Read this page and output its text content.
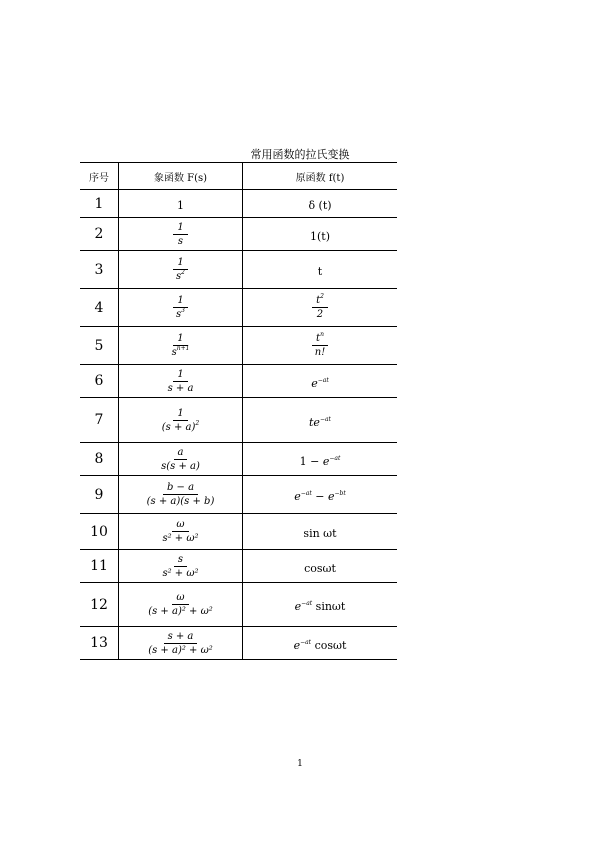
常用函数的拉氏变换
序号	象函数 F(s)	原函数 f(t)
1	1	δ (t)
2	$\frac{1}{s}$	1(t)
3	$\frac{1}{s^2}$	t
4	$\frac{1}{s^3}$	$\frac{t^2}{2}$

5	$\frac{1}{s^{n+1}}$	$\frac{t^n}{n!}$

6	$\frac{1}{s + a}$	$e^{-at}$
7	$\frac{1}{(s + a)^2}$	$te^{-at}$
8	$\frac{a}{s(s + a)}$	$1 - e^{-at}$
9	$\frac{b - a}{(s + a)(s + b)}$	$e^{-at} - e^{-bt}$
10	$\frac{\omega}{\text{s² + ω²}}$	sin ωt
11	$\frac{s}{\text{s² + ω²}}$	cosωt
12	$\frac{\omega}{\text{(s + a)² + ω²}}$	$e^{-at}$ sinωt
13	$\frac{s + a}{\text{(s + a)² + ω²}}$	$e^{-at}$ cosωt
1
